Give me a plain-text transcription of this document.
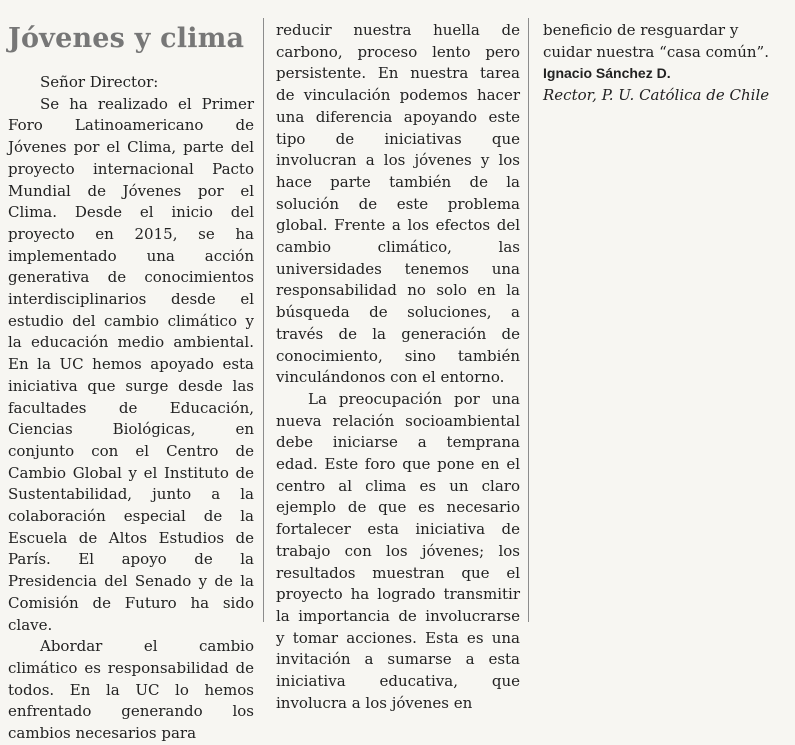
Jóvenes y clima

Señor Director:

Se ha realizado el Primer Foro Latinoamericano de Jóvenes por el Clima, parte del proyecto internacional Pacto Mundial de Jóvenes por el Clima. Desde el inicio del proyecto en 2015, se ha implementado una acción generativa de conocimientos interdisciplinarios desde el estudio del cambio climático y la educación medio ambiental. En la UC hemos apoyado esta iniciativa que surge desde las facultades de Educación, Ciencias Biológicas, en conjunto con el Centro de Cambio Global y el Instituto de Sustentabilidad, junto a la colaboración especial de la Escuela de Altos Estudios de París. El apoyo de la Presidencia del Senado y de la Comisión de Futuro ha sido clave.

Abordar el cambio climático es responsabilidad de todos. En la UC lo hemos enfrentado generando los cambios necesarios para

reducir nuestra huella de carbono, proceso lento pero persistente. En nuestra tarea de vinculación podemos hacer una diferencia apoyando este tipo de iniciativas que involucran a los jóvenes y los hace parte también de la solución de este problema global. Frente a los efectos del cambio climático, las universidades tenemos una responsabilidad no solo en la búsqueda de soluciones, a través de la generación de conocimiento, sino también vinculándonos con el entorno.

La preocupación por una nueva relación socioambiental debe iniciarse a temprana edad. Este foro que pone en el centro al clima es un claro ejemplo de que es necesario fortalecer esta iniciativa de trabajo con los jóvenes; los resultados muestran que el proyecto ha logrado transmitir la importancia de involucrarse y tomar acciones. Esta es una invitación a sumarse a esta iniciativa educativa, que involucra a los jóvenes en

beneficio de resguardar y cuidar nuestra “casa común”.

Ignacio Sánchez D.
Rector, P. U. Católica de Chile
